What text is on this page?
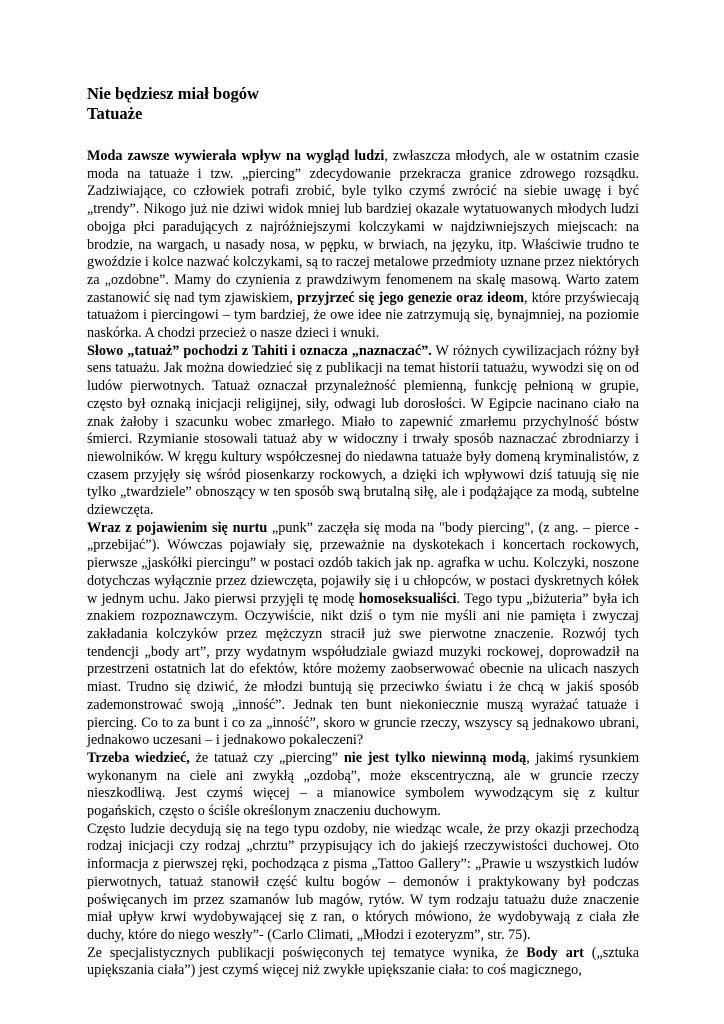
Nie będziesz miał bogów
Tatuaże

Moda zawsze wywierała wpływ na wygląd ludzi, zwłaszcza młodych, ale w ostatnim czasie moda na tatuaże i tzw. „piercing” zdecydowanie przekracza granice zdrowego rozsądku. Zadziwiające, co człowiek potrafi zrobić, byle tylko czymś zwrócić na siebie uwagę i być „trendy”. Nikogo już nie dziwi widok mniej lub bardziej okazale wytatuowanych młodych ludzi obojga płci paradujących z najróżniejszymi kolczykami w najdziwniejszych miejscach: na brodzie, na wargach, u nasady nosa, w pępku, w brwiach, na języku, itp. Właściwie trudno te gwoździe i kolce nazwać kolczykami, są to raczej metalowe przedmioty uznane przez niektórych za „ozdobne”. Mamy do czynienia z prawdziwym fenomenem na skalę masową. Warto zatem zastanowić się nad tym zjawiskiem, przyjrzeć się jego genezie oraz ideom, które przyświecają tatuażom i piercingowi – tym bardziej, że owe idee nie zatrzymują się, bynajmniej, na poziomie naskórka. A chodzi przecież o nasze dzieci i wnuki.

Słowo „tatuaż” pochodzi z Tahiti i oznacza „naznaczać”. W różnych cywilizacjach różny był sens tatuażu. Jak można dowiedzieć się z publikacji na temat historii tatuażu, wywodzi się on od ludów pierwotnych. Tatuaż oznaczał przynależność plemienną, funkcję pełnioną w grupie, często był oznaką inicjacji religijnej, siły, odwagi lub dorosłości. W Egipcie nacinano ciało na znak żałoby i szacunku wobec zmarłego. Miało to zapewnić zmarłemu przychylność bóstw śmierci. Rzymianie stosowali tatuaż aby w widoczny i trwały sposób naznaczać zbrodniarzy i niewolników. W kręgu kultury współczesnej do niedawna tatuaże były domeną kryminalistów, z czasem przyjęły się wśród piosenkarzy rockowych, a dzięki ich wpływowi dziś tatuują się nie tylko „twardziele” obnoszący w ten sposób swą brutalną siłę, ale i podążające za modą, subtelne dziewczęta.

Wraz z pojawienim się nurtu „punk” zaczęła się moda na "body piercing", (z ang. – pierce - „przebijać”). Wówczas pojawiały się, przeważnie na dyskotekach i koncertach rockowych, pierwsze „jaskółki piercingu” w postaci ozdób takich jak np. agrafka w uchu. Kolczyki, noszone dotychczas wyłącznie przez dziewczęta, pojawiły się i u chłopców, w postaci dyskretnych kółek w jednym uchu. Jako pierwsi przyjęli tę modę homoseksualiści. Tego typu „biżuteria” była ich znakiem rozpoznawczym. Oczywiście, nikt dziś o tym nie myśli ani nie pamięta i zwyczaj zakładania kolczyków przez mężczyzn stracił już swe pierwotne znaczenie. Rozwój tych tendencji „body art”, przy wydatnym współudziale gwiazd muzyki rockowej, doprowadził na przestrzeni ostatnich lat do efektów, które możemy zaobserwować obecnie na ulicach naszych miast. Trudno się dziwić, że młodzi buntują się przeciwko światu i że chcą w jakiś sposób zademonstrować swoją „inność”. Jednak ten bunt niekoniecznie muszą wyrażać tatuaże i piercing. Co to za bunt i co za „inność”, skoro w gruncie rzeczy, wszyscy są jednakowo ubrani, jednakowo uczesani – i jednakowo pokaleczeni?

Trzeba wiedzieć, że tatuaż czy „piercing” nie jest tylko niewinną modą, jakimś rysunkiem wykonanym na ciele ani zwykłą „ozdobą”, może ekscentryczną, ale w gruncie rzeczy nieszkodliwą. Jest czymś więcej – a mianowice symbolem wywodzącym się z kultur pogańskich, często o ściśle określonym znaczeniu duchowym.

Często ludzie decydują się na tego typu ozdoby, nie wiedząc wcale, że przy okazji przechodzą rodzaj inicjacji czy rodzaj „chrztu” przypisujący ich do jakiejś rzeczywistości duchowej. Oto informacja z pierwszej ręki, pochodząca z pisma „Tattoo Gallery”: „Prawie u wszystkich ludów pierwotnych, tatuaż stanowił część kultu bogów – demonów i praktykowany był podczas poświęcanych im przez szamanów lub magów, rytów. W tym rodzaju tatuażu duże znaczenie miał upływ krwi wydobywającej się z ran, o których mówiono, że wydobywają z ciała złe duchy, które do niego weszły”- (Carlo Climati, „Młodzi i ezoteryzm”, str. 75).

Ze specjalistycznych publikacji poświęconych tej tematyce wynika, że Body art („sztuka upiększania ciała”) jest czymś więcej niż zwykłe upiększanie ciała: to coś magicznego,
